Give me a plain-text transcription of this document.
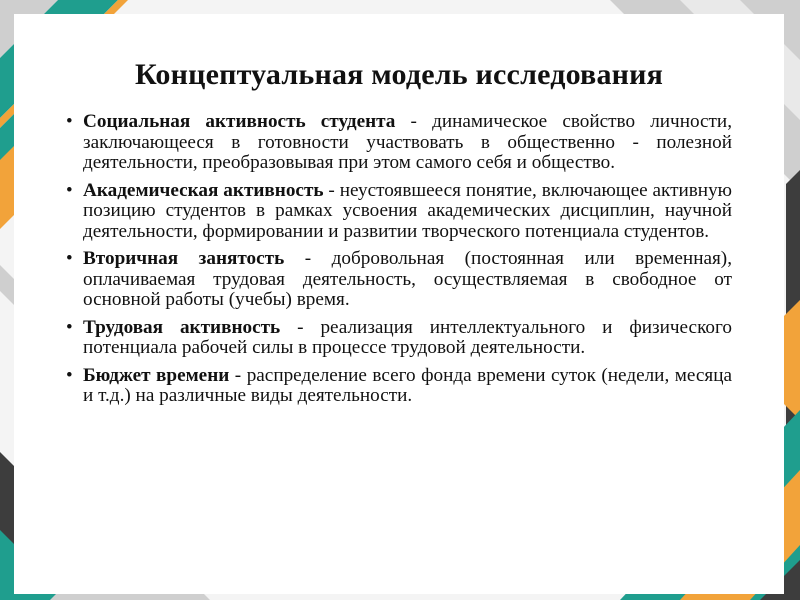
Концептуальная модель исследования
• Социальная активность студента - динамическое свойство личности, заключающееся в готовности участвовать в общественно - полезной деятельности, преобразовывая при этом самого себя и общество.
• Академическая активность - неустоявшееся понятие, включающее активную позицию студентов в рамках усвоения академических дисциплин, научной деятельности, формировании и развитии творческого потенциала студентов.
• Вторичная занятость - добровольная (постоянная или временная), оплачиваемая трудовая деятельность, осуществляемая в свободное от основной работы (учебы) время.
• Трудовая активность - реализация интеллектуального и физического потенциала рабочей силы в процессе трудовой деятельности.
• Бюджет времени - распределение всего фонда времени суток (недели, месяца и т.д.) на различные виды деятельности.
